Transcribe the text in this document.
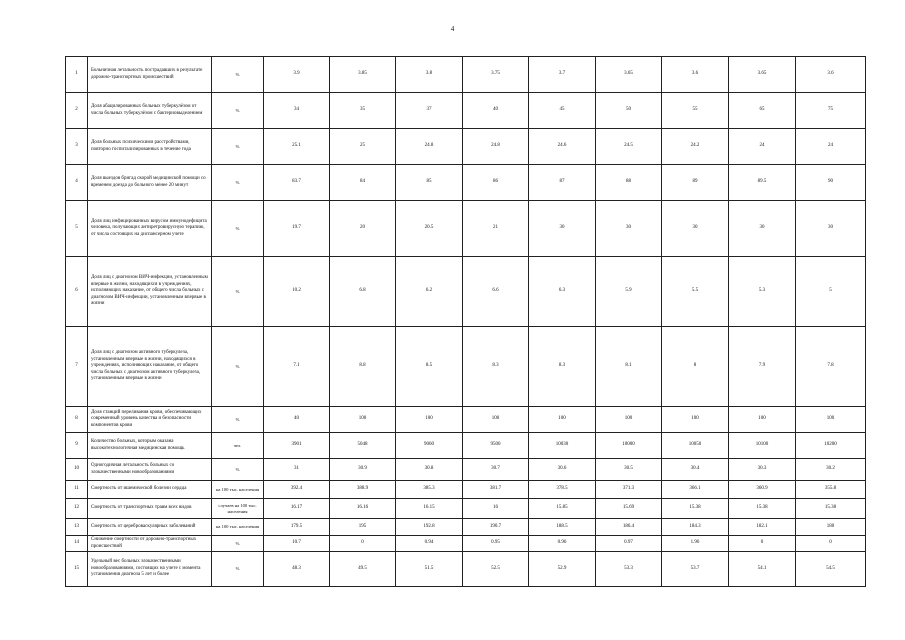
4
1	Больничная летальность пострадавших в результате дорожно-транспортных происшествий	%	3.9	3.85	3.8	3.75	3.7	3.65	3.6	3.65	3.6
2	Доля абацилированных больных туберкулёзом от числа больных туберкулёзом с бактериовыделением	%	34	35	37	40	45	50	55	65	75
3	Доля больных психическими расстройствами, повторно госпитализированных в течение года	%	25.1	25	24.8	24.8	24.6	24.5	24.2	24	24
4	Доля выездов бригад скорой медицинской помощи со временем доезда до больного менее 20 минут	%	83.7	84	85	86	87	88	89	89.5	90
5	Доля лиц инфицированных вирусом иммунодефицита человека, получающих антиретровирусную терапию, от числа состоящих на диспансерном учете	%	19.7	20	20.5	21	30	30	30	30	30
6	Доля лиц с диагнозом ВИЧ-инфекции, установленным впервые в жизни, находящихся в учреждениях, исполняющих наказание, от общего числа больных с диагнозом ВИЧ-инфекции, установленным впервые в жизни	%	10.2	6.8	6.2	6.6	6.3	5.9	5.5	5.3	5
7	Доля лиц с диагнозом активного туберкулеза, установленным впервые в жизни, находящихся в учреждениях, исполняющих наказание, от общего числа больных с диагнозом активного туберкулеза, установленным впервые в жизни	%	7.1	8.8	8.5	8.3	8.3	8.1	8	7.9	7.8
8	Доля станций переливания крови, обеспечивающих современный уровень качества и безопасности компонентов крови	%	40	100	100	100	100	100	100	100	100
9	Количество больных, которым оказана высокотехнологичная медицинская помощь	чел.	3901	5048	9060	9500	10030	10000	10050	10100	10200
10	Одногодичная летальность больных со злокачественными новообразованиями	%	31	30.9	30.8	30.7	30.6	30.5	30.4	30.3	30.2
11	Смертность от ишемической болезни сердца	на 100 тыс. населения	392.4	388.9	385.3	381.7	378.5	371.3	366.1	360.9	355.8
12	Смертность от транспортных травм всех видов	случаев на 100 тыс. населения	16.17	16.16	16.15	16	15.85	15.69	15.38	15.38	15.38
13	Смертность от цереброваскулярных заболеваний	на 100 тыс. населения	179.5	195	192.8	190.7	188.5	186.4	184.3	182.1	180
14	Снижение смертности от дорожно-транспортных происшествий	%	10.7	0	0.94	0.95	0.96	0.97	1.96	0	0
15	Удельный вес больных злокачественными новообразованиями, состоящих на учете с момента установления диагноза 5 лет и более	%	48.3	49.5	51.5	52.5	52.9	53.3	53.7	54.1	54.5
